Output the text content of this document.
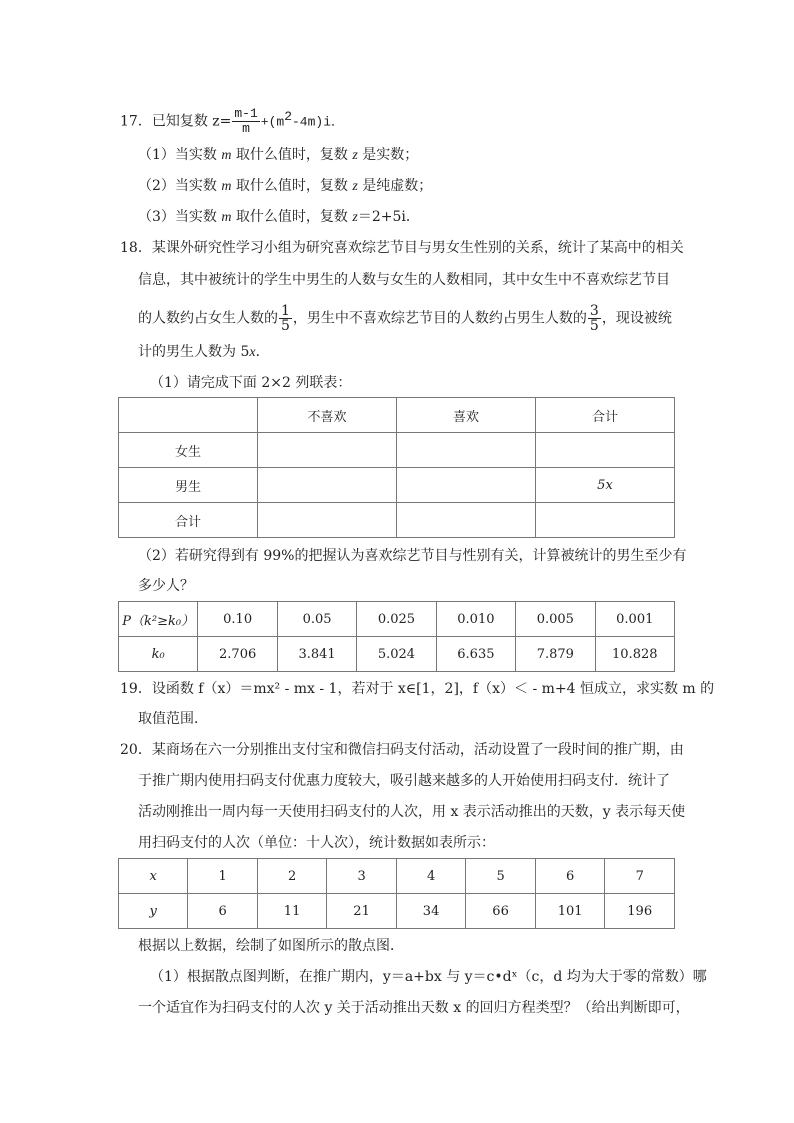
17．已知复数 $z= \frac{m-1}{m} +(m^2-4m)i$．
（1）当实数 m 取什么值时，复数 z 是实数；
（2）当实数 m 取什么值时，复数 z 是纯虚数；
（3）当实数 m 取什么值时，复数 z＝2+5i．
18．某课外研究性学习小组为研究喜欢综艺节目与男女生性别的关系，统计了某高中的相关
信息，其中被统计的学生中男生的人数与女生的人数相同，其中女生中不喜欢综艺节目
的人数约占女生人数的 $\frac{1}{5}$ ，男生中不喜欢综艺节目的人数约占男生人数的 $\frac{3}{5}$ ，现设被统
计的男生人数为 5x．
（1）请完成下面 2×2 列联表：
	不喜欢	喜欢	合计
女生			
男生			5x
合计			
（2）若研究得到有 99%的把握认为喜欢综艺节目与性别有关，计算被统计的男生至少有
多少人？
P（k²≥k₀）	0.10	0.05	0.025	0.010	0.005	0.001
k₀	2.706	3.841	5.024	6.635	7.879	10.828
19．设函数 f（x）＝mx² - mx - 1，若对于 x∈[1，2]，f（x）＜ - m+4 恒成立，求实数 m 的
取值范围．
20．某商场在六一分别推出支付宝和微信扫码支付活动，活动设置了一段时间的推广期，由
于推广期内使用扫码支付优惠力度较大，吸引越来越多的人开始使用扫码支付．统计了
活动刚推出一周内每一天使用扫码支付的人次，用 x 表示活动推出的天数，y 表示每天使
用扫码支付的人次（单位：十人次），统计数据如表所示：
x	1	2	3	4	5	6	7
y	6	11	21	34	66	101	196
根据以上数据，绘制了如图所示的散点图．
（1）根据散点图判断，在推广期内，y＝a+bx 与 y＝c•dˣ（c，d 均为大于零的常数）哪
一个适宜作为扫码支付的人次 y 关于活动推出天数 x 的回归方程类型？（给出判断即可，
